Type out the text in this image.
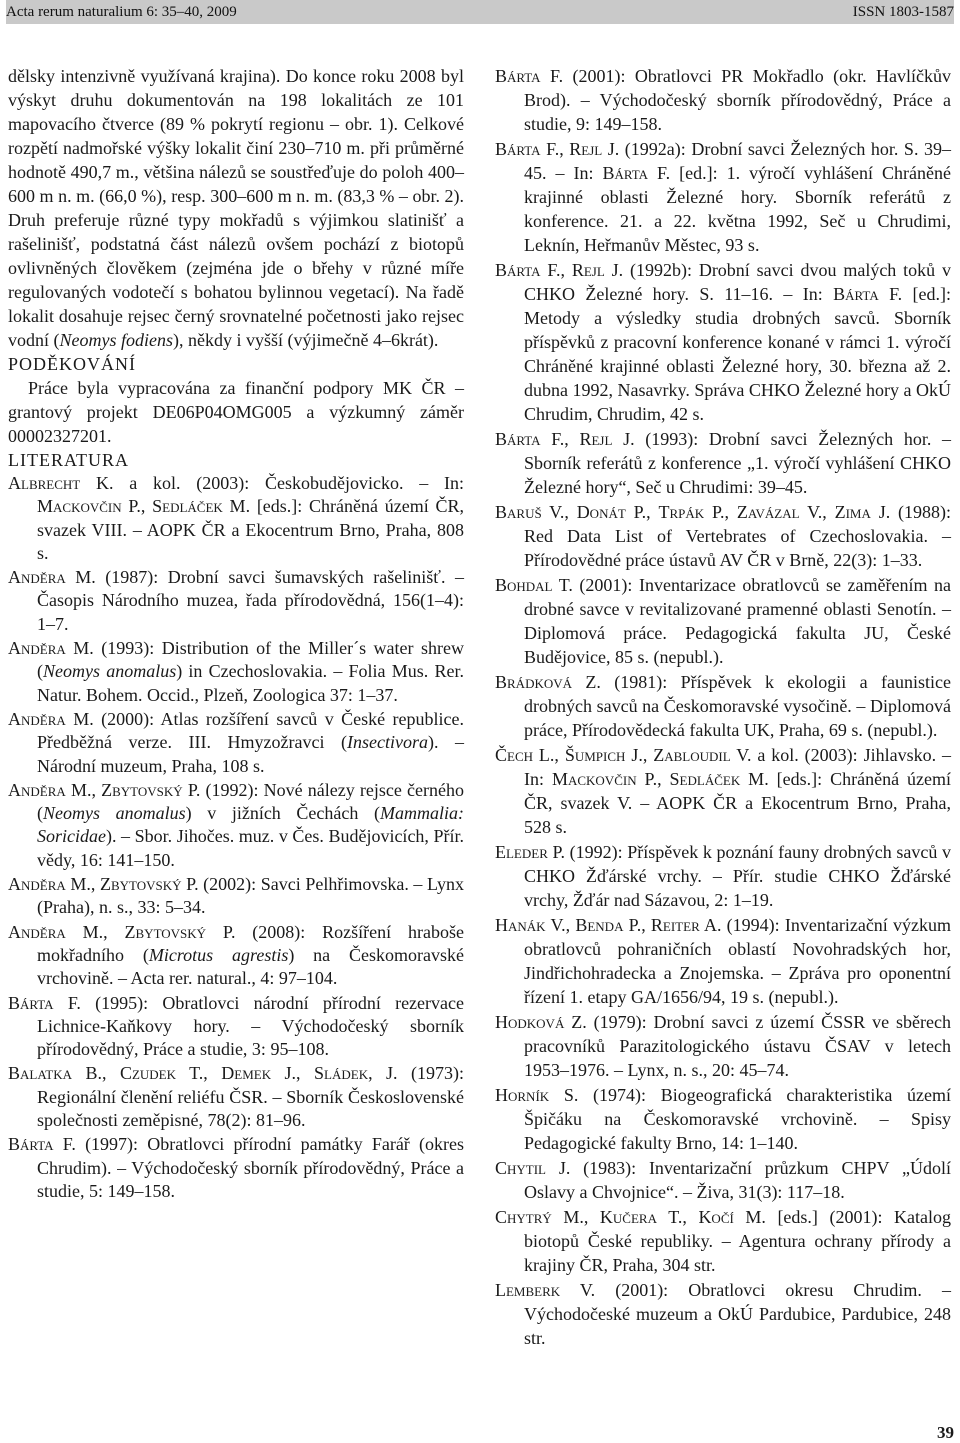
Acta rerum naturalium 6: 35–40, 2009	ISSN 1803-1587

dělsky intenzivně využívaná krajina). Do konce roku 2008 byl výskyt druhu dokumentován na 198 lokalitách ze 101 mapovacího čtverce (89 % pokrytí regionu – obr. 1). Celkové rozpětí nadmořské výšky lokalit činí 230–710 m. při průměrné hodnotě 490,7 m., většina nálezů se soustřeďuje do poloh 400–600 m n. m. (66,0 %), resp. 300–600 m n. m. (83,3 % – obr. 2). Druh preferuje různé typy mokřadů s výjimkou slatinišť a rašelinišť, podstatná část nálezů ovšem pochází z biotopů ovlivněných člověkem (zejména jde o břehy v různé míře regulovaných vodotečí s bohatou bylinnou vegetací). Na řadě lokalit dosahuje rejsec černý srovnatelné početnosti jako rejsec vodní (Neomys fodiens), někdy i vyšší (výjimečně 4–6krát).

PODĚKOVÁNÍ

Práce byla vypracována za finanční podpory MK ČR – grantový projekt DE06P04OMG005 a výzkumný záměr 00002327201.

LITERATURA

Albrecht K. a kol. (2003): Českobudějovicko. – In: Mackovčin P., Sedláček M. [eds.]: Chráněná území ČR, svazek VIII. – AOPK ČR a Ekocentrum Brno, Praha, 808 s.

Anděra M. (1987): Drobní savci šumavských rašelinišť. – Časopis Národního muzea, řada přírodovědná, 156(1–4): 1–7.

Anděra M. (1993): Distribution of the Miller´s water shrew (Neomys anomalus) in Czechoslovakia. – Folia Mus. Rer. Natur. Bohem. Occid., Plzeň, Zoologica 37: 1–37.

Anděra M. (2000): Atlas rozšíření savců v České republice. Předběžná verze. III. Hmyzožravci (Insectivora). – Národní muzeum, Praha, 108 s.

Anděra M., Zbytovský P. (1992): Nové nálezy rejsce černého (Neomys anomalus) v jižních Čechách (Mammalia: Soricidae). – Sbor. Jihočes. muz. v Čes. Budějovicích, Přír. vědy, 16: 141–150.

Anděra M., Zbytovský P. (2002): Savci Pelhřimovska. – Lynx (Praha), n. s., 33: 5–34.

Anděra M., Zbytovský P. (2008): Rozšíření hraboše mokřadního (Microtus agrestis) na Českomoravské vrchovině. – Acta rer. natural., 4: 97–104.

Bárta F. (1995): Obratlovci národní přírodní rezervace Lichnice-Kaňkovy hory. – Východočeský sborník přírodovědný, Práce a studie, 3: 95–108.

Balatka B., Czudek T., Demek J., Sládek, J. (1973): Regionální členění reliéfu ČSR. – Sborník Československé společnosti zeměpisné, 78(2): 81–96.

Bárta F. (1997): Obratlovci přírodní památky Farář (okres Chrudim). – Východočeský sborník přírodovědný, Práce a studie, 5: 149–158.

Bárta F. (2001): Obratlovci PR Mokřadlo (okr. Havlíčkův Brod). – Východočeský sborník přírodovědný, Práce a studie, 9: 149–158.

Bárta F., Rejl J. (1992a): Drobní savci Železných hor. S. 39–45. – In: Bárta F. [ed.]: 1. výročí vyhlášení Chráněné krajinné oblasti Železné hory. Sborník referátů z konference. 21. a 22. května 1992, Seč u Chrudimi, Leknín, Heřmanův Městec, 93 s.

Bárta F., Rejl J. (1992b): Drobní savci dvou malých toků v CHKO Železné hory. S. 11–16. – In: Bárta F. [ed.]: Metody a výsledky studia drobných savců. Sborník příspěvků z pracovní konference konané v rámci 1. výročí Chráněné krajinné oblasti Železné hory, 30. března až 2. dubna 1992, Nasavrky. Správa CHKO Železné hory a OkÚ Chrudim, Chrudim, 42 s.

Bárta F., Rejl J. (1993): Drobní savci Železných hor. – Sborník referátů z konference „1. výročí vyhlášení CHKO Železné hory“, Seč u Chrudimi: 39–45.

Baruš V., Donát P., Trpák P., Zavázal V., Zima J. (1988): Red Data List of Vertebrates of Czechoslovakia. – Přírodovědné práce ústavů AV ČR v Brně, 22(3): 1–33.

Bohdal T. (2001): Inventarizace obratlovců se zaměřením na drobné savce v revitalizované pramenné oblasti Senotín. – Diplomová práce. Pedagogická fakulta JU, České Budějovice, 85 s. (nepubl.).

Brádková Z. (1981): Příspěvek k ekologii a faunistice drobných savců na Českomoravské vysočině. – Diplomová práce, Přírodovědecká fakulta UK, Praha, 69 s. (nepubl.).

Čech L., Šumpich J., Zabloudil V. a kol. (2003): Jihlavsko. – In: Mackovčin P., Sedláček M. [eds.]: Chráněná území ČR, svazek V. – AOPK ČR a Ekocentrum Brno, Praha, 528 s.

Eleder P. (1992): Příspěvek k poznání fauny drobných savců v CHKO Žďárské vrchy. – Přír. studie CHKO Žďárské vrchy, Žďár nad Sázavou, 2: 1–19.

Hanák V., Benda P., Reiter A. (1994): Inventarizační výzkum obratlovců pohraničních oblastí Novohradských hor, Jindřichohradecka a Znojemska. – Zpráva pro oponentní řízení 1. etapy GA/1656/94, 19 s. (nepubl.).

Hodková Z. (1979): Drobní savci z území ČSSR ve sběrech pracovníků Parazitologického ústavu ČSAV v letech 1953–1976. – Lynx, n. s., 20: 45–74.

Horník S. (1974): Biogeografická charakteristika území Špičáku na Českomoravské vrchovině. – Spisy Pedagogické fakulty Brno, 14: 1–140.

Chytil J. (1983): Inventarizační průzkum CHPV „Údolí Oslavy a Chvojnice“. – Živa, 31(3): 117–18.

Chytrý M., Kučera T., Kočí M. [eds.] (2001): Katalog biotopů České republiky. – Agentura ochrany přírody a krajiny ČR, Praha, 304 str.

Lemberk V. (2001): Obratlovci okresu Chrudim. – Východočeské muzeum a OkÚ Pardubice, Pardubice, 248 str.

39
